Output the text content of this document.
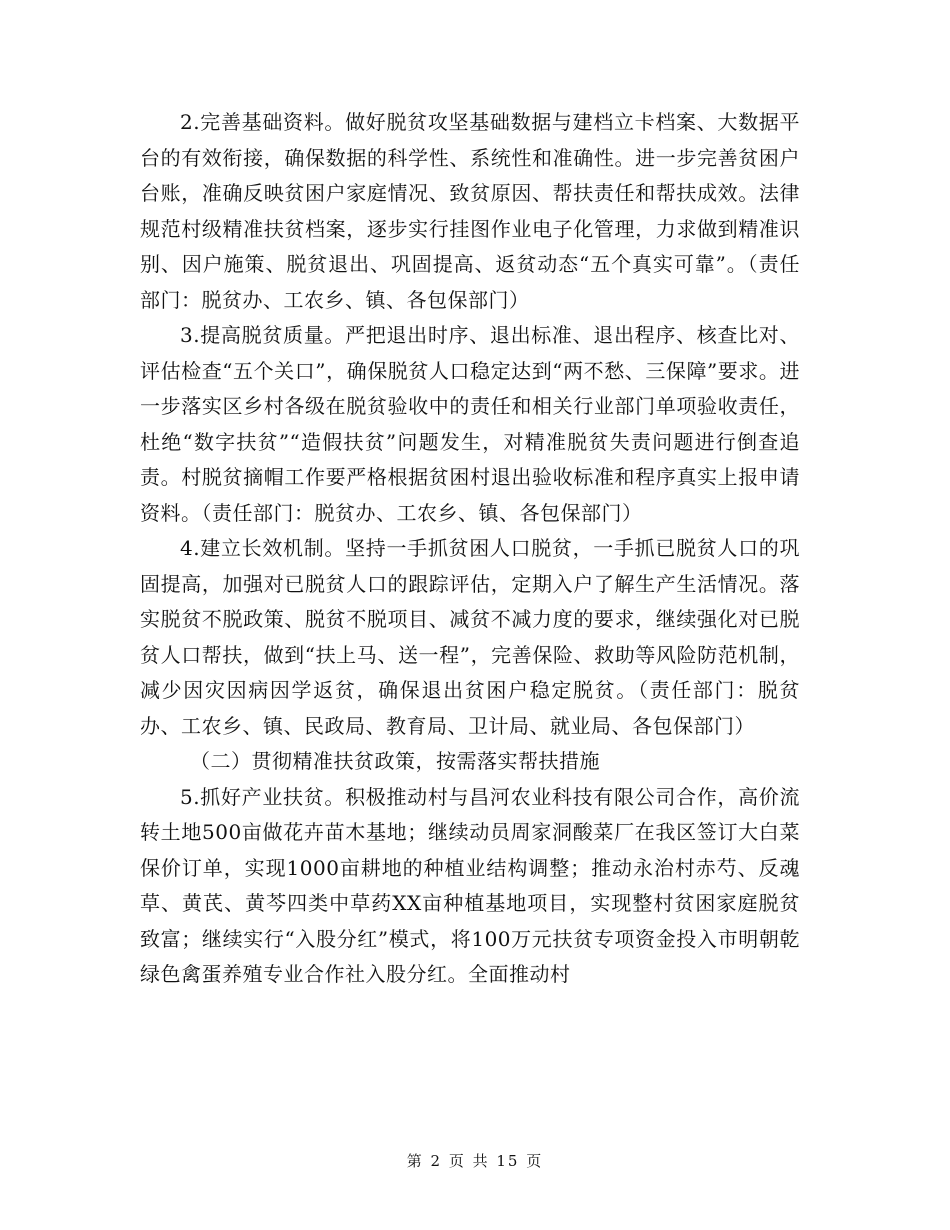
2.完善基础资料。做好脱贫攻坚基础数据与建档立卡档案、大数据平台的有效衔接，确保数据的科学性、系统性和准确性。进一步完善贫困户台账，准确反映贫困户家庭情况、致贫原因、帮扶责任和帮扶成效。法律规范村级精准扶贫档案，逐步实行挂图作业电子化管理，力求做到精准识别、因户施策、脱贫退出、巩固提高、返贫动态“五个真实可靠”。（责任部门：脱贫办、工农乡、镇、各包保部门）

3.提高脱贫质量。严把退出时序、退出标准、退出程序、核查比对、评估检查“五个关口”，确保脱贫人口稳定达到“两不愁、三保障”要求。进一步落实区乡村各级在脱贫验收中的责任和相关行业部门单项验收责任，杜绝“数字扶贫”“造假扶贫”问题发生，对精准脱贫失责问题进行倒查追责。村脱贫摘帽工作要严格根据贫困村退出验收标准和程序真实上报申请资料。（责任部门：脱贫办、工农乡、镇、各包保部门）

4.建立长效机制。坚持一手抓贫困人口脱贫，一手抓已脱贫人口的巩固提高，加强对已脱贫人口的跟踪评估，定期入户了解生产生活情况。落实脱贫不脱政策、脱贫不脱项目、减贫不减力度的要求，继续强化对已脱贫人口帮扶，做到“扶上马、送一程”，完善保险、救助等风险防范机制，减少因灾因病因学返贫，确保退出贫困户稳定脱贫。（责任部门：脱贫办、工农乡、镇、民政局、教育局、卫计局、就业局、各包保部门）

（二）贯彻精准扶贫政策，按需落实帮扶措施

5.抓好产业扶贫。积极推动村与昌河农业科技有限公司合作，高价流转土地500亩做花卉苗木基地；继续动员周家洞酸菜厂在我区签订大白菜保价订单，实现1000亩耕地的种植业结构调整；推动永治村赤芍、反魂草、黄芪、黄芩四类中草药XX亩种植基地项目，实现整村贫困家庭脱贫致富；继续实行“入股分红”模式，将100万元扶贫专项资金投入市明朝乾绿色禽蛋养殖专业合作社入股分红。全面推动村

第 2 页 共 15 页
